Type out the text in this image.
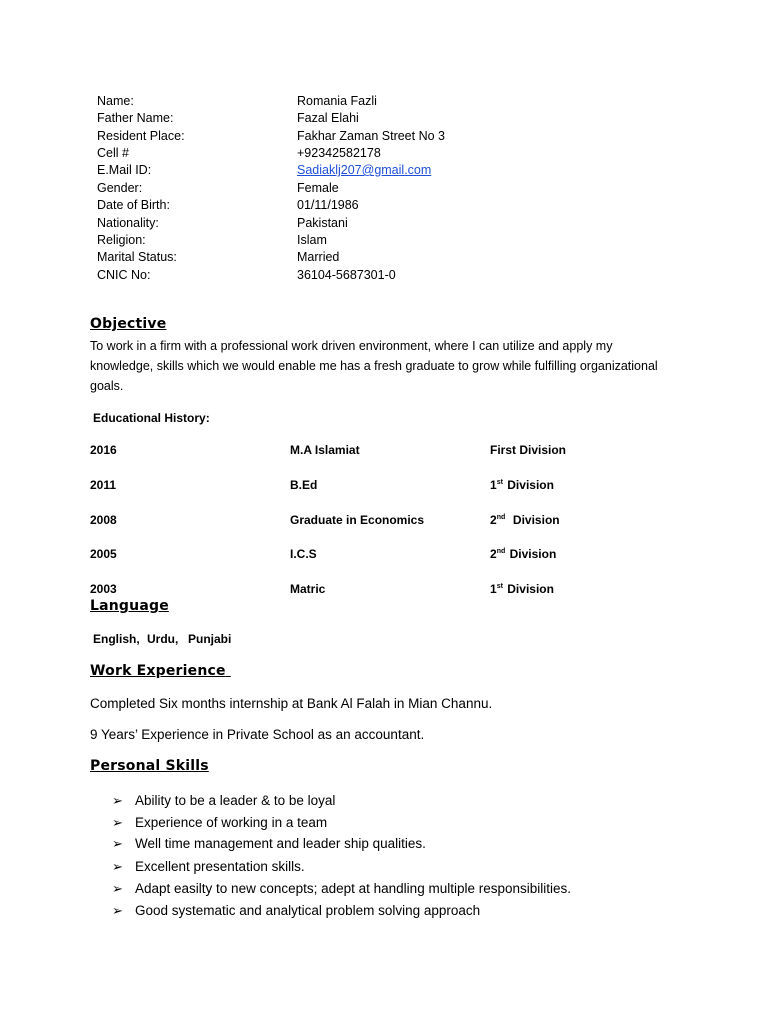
Name:	Romania Fazli
Father Name:	Fazal Elahi
Resident Place:	Fakhar Zaman Street No 3
Cell #	+92342582178
E.Mail ID:	Sadiaklj207@gmail.com
Gender:	Female
Date of Birth:	01/11/1986
Nationality:	Pakistani
Religion:	Islam
Marital Status:	Married
CNIC No:	36104-5687301-0
Objective
To work in a firm with a professional work driven environment, where I can utilize and apply my
knowledge, skills which we would enable me has a fresh graduate to grow while fulfilling organizational
goals.
Educational History:
2016	M.A Islamiat	First Division
2011	B.Ed	1st Division
2008	Graduate in Economics	2nd Division
2005	I.C.S	2nd Division
2003	Matric	1st Division
Language
English, Urdu, Punjabi
Work Experience
Completed Six months internship at Bank Al Falah in Mian Channu.
9 Years’ Experience in Private School as an accountant.
Personal Skills
➢ Ability to be a leader & to be loyal
➢ Experience of working in a team
➢ Well time management and leader ship qualities.
➢ Excellent presentation skills.
➢ Adapt easilty to new concepts; adept at handling multiple responsibilities.
➢ Good systematic and analytical problem solving approach
